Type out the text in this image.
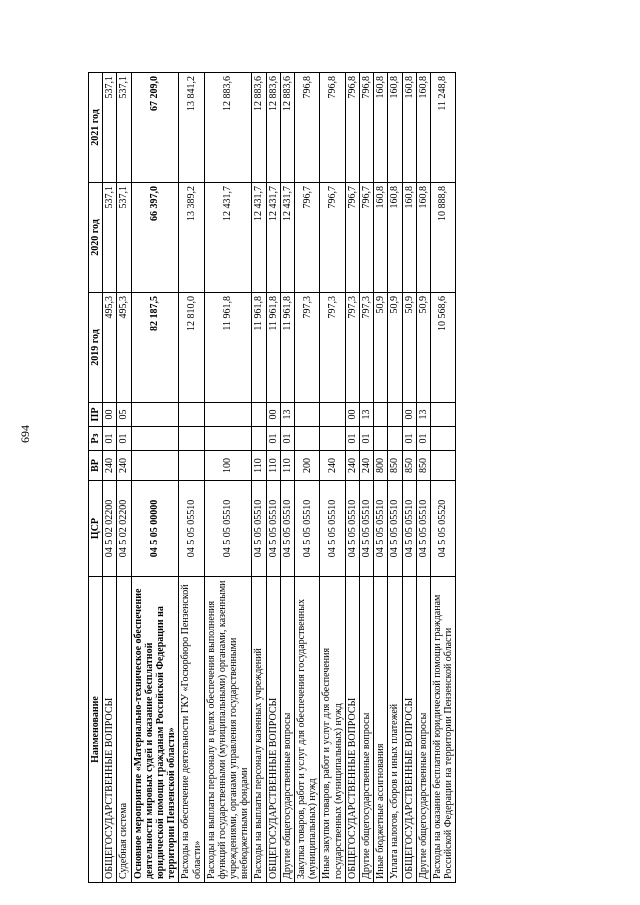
694
Наименование	ЦСР	ВР	Рз	ПР	2019 год	2020 год	2021 год
ОБЩЕГОСУДАРСТВЕННЫЕ ВОПРОСЫ	04 5 02 02200	240	01	00	495,3	537,1	537,1
Судебная система	04 5 02 02200	240	01	05	495,3	537,1	537,1
Основное мероприятие «Материально-техническое обеспечение деятельности мировых судей и оказание бесплатной юридической помощи гражданам Российской Федерации на территории Пензенской области»	04 5 05 00000				82 187,5	66 397,0	67 209,0
Расходы на обеспечение деятельности ГКУ «Госюрбюро Пензенской области»	04 5 05 05510				12 810,0	13 389,2	13 841,2
Расходы на выплаты персоналу в целях обеспечения выполнения функций государственными (муниципальными) органами, казенными учреждениями, органами управления государственными внебюджетными фондами	04 5 05 05510	100			11 961,8	12 431,7	12 883,6
Расходы на выплаты персоналу казенных учреждений	04 5 05 05510	110			11 961,8	12 431,7	12 883,6
ОБЩЕГОСУДАРСТВЕННЫЕ ВОПРОСЫ	04 5 05 05510	110	01	00	11 961,8	12 431,7	12 883,6
Другие общегосударственные вопросы	04 5 05 05510	110	01	13	11 961,8	12 431,7	12 883,6
Закупка товаров, работ и услуг для обеспечения государственных (муниципальных) нужд	04 5 05 05510	200			797,3	796,7	796,8
Иные закупки товаров, работ и услуг для обеспечения государственных (муниципальных) нужд	04 5 05 05510	240			797,3	796,7	796,8
ОБЩЕГОСУДАРСТВЕННЫЕ ВОПРОСЫ	04 5 05 05510	240	01	00	797,3	796,7	796,8
Другие общегосударственные вопросы	04 5 05 05510	240	01	13	797,3	796,7	796,8
Иные бюджетные ассигнования	04 5 05 05510	800			50,9	160,8	160,8
Уплата налогов, сборов и иных платежей	04 5 05 05510	850			50,9	160,8	160,8
ОБЩЕГОСУДАРСТВЕННЫЕ ВОПРОСЫ	04 5 05 05510	850	01	00	50,9	160,8	160,8
Другие общегосударственные вопросы	04 5 05 05510	850	01	13	50,9	160,8	160,8
Расходы на оказание бесплатной юридической помощи гражданам Российской Федерации на территории Пензенской области	04 5 05 05520				10 568,6	10 888,8	11 248,8
